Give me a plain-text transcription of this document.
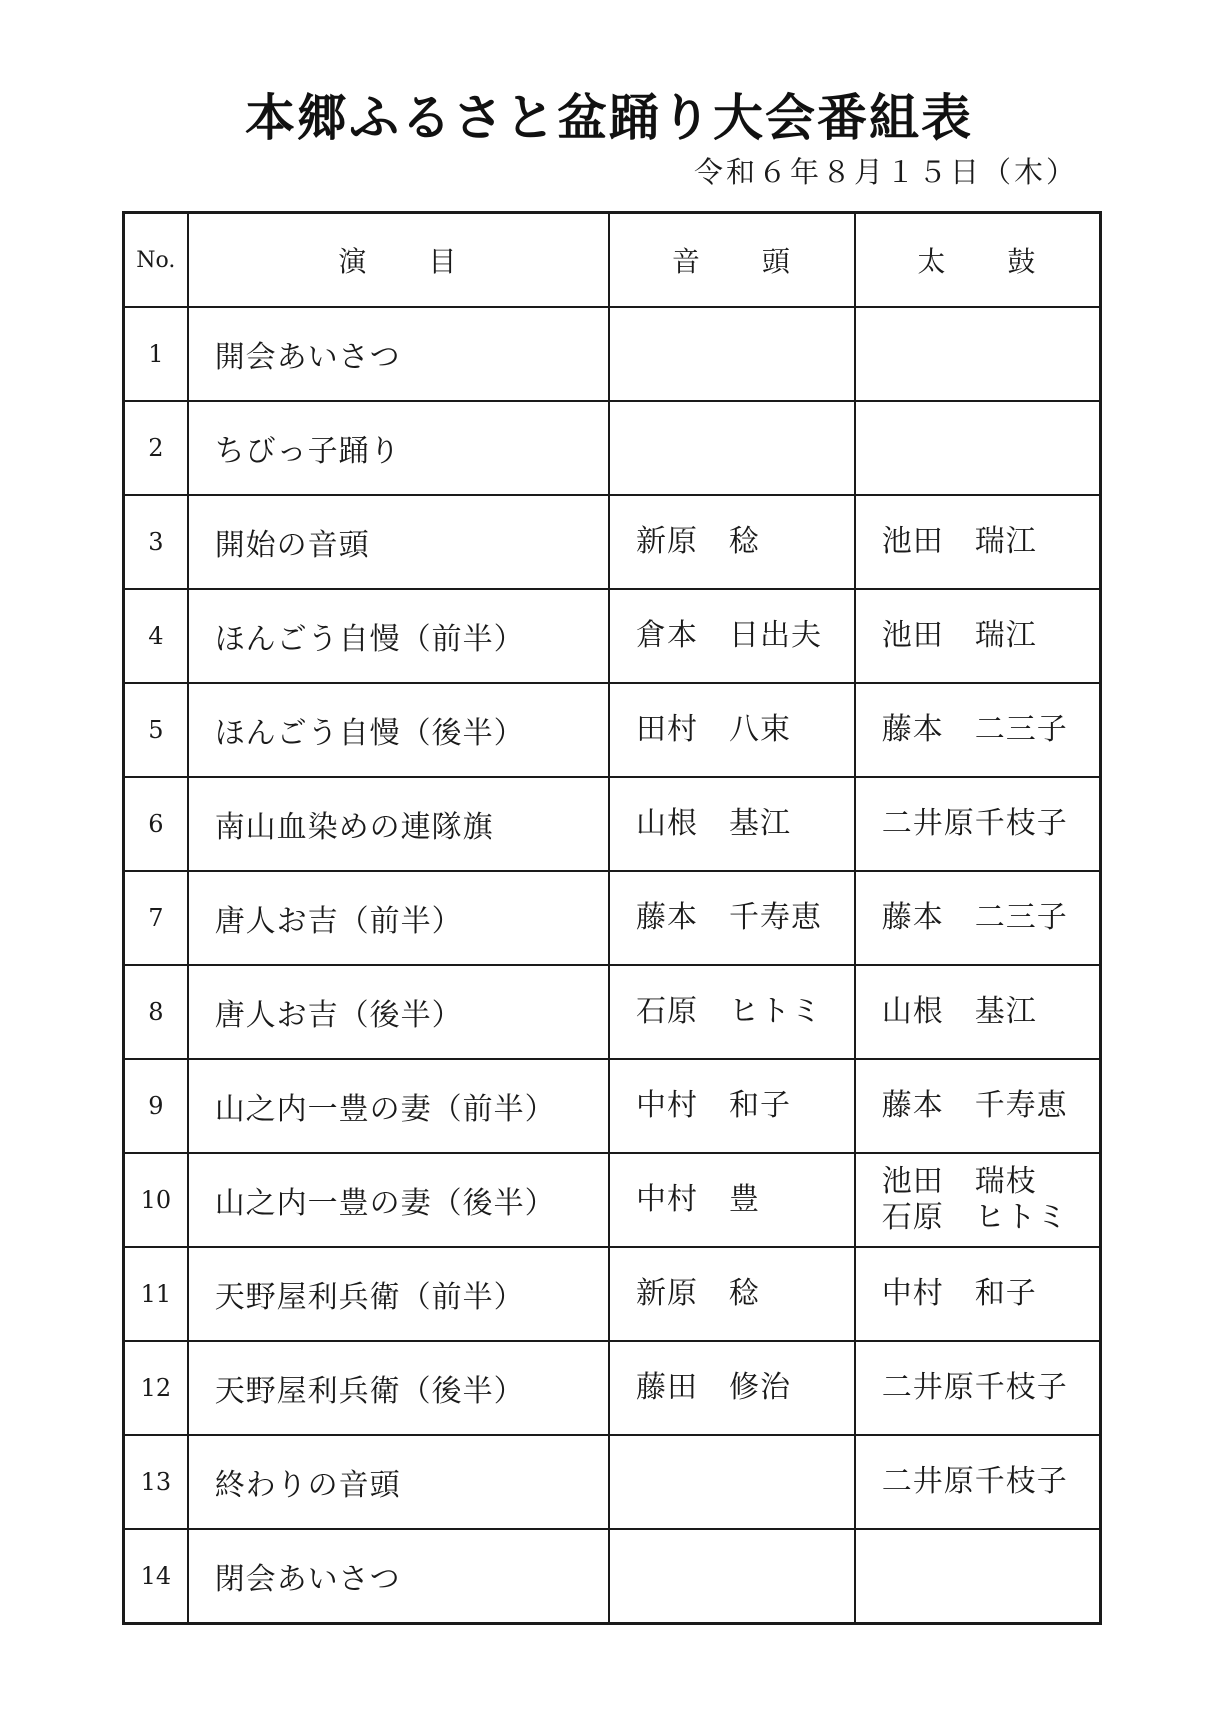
本郷ふるさと盆踊り大会番組表
令和６年８月１５日（木）
No.	演　　目	音　　頭	太　　鼓
1	開会あいさつ		
2	ちびっ子踊り		
3	開始の音頭	新原　稔	池田　瑞江

4	ほんごう自慢（前半）	倉本　日出夫	池田　瑞江

5	ほんごう自慢（後半）	田村　八束	藤本　二三子

6	南山血染めの連隊旗	山根　基江	二井原千枝子

7	唐人お吉（前半）	藤本　千寿恵	藤本　二三子

8	唐人お吉（後半）	石原　ヒトミ	山根　基江

9	山之内一豊の妻（前半）	中村　和子	藤本　千寿恵

10	山之内一豊の妻（後半）	中村　豊	池田　瑞枝
石原　ヒトミ

11	天野屋利兵衛（前半）	新原　稔	中村　和子

12	天野屋利兵衛（後半）	藤田　修治	二井原千枝子

13	終わりの音頭		二井原千枝子

14	閉会あいさつ		
